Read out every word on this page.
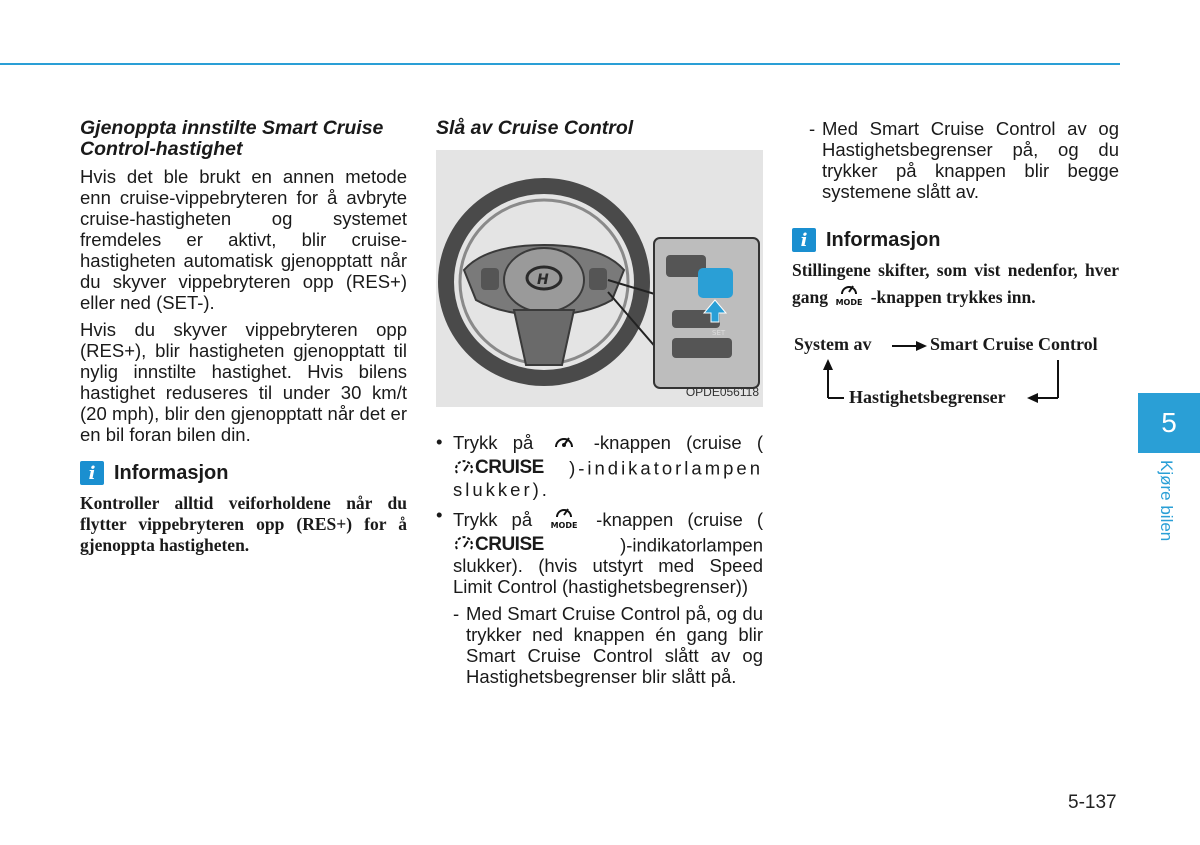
Gjenoppta innstilte Smart Cruise Control-hastighet

Hvis det ble brukt en annen metode enn cruise-vippebryteren for å avbryte cruise-hastigheten og systemet fremdeles er aktivt, blir cruise-hastigheten automatisk gjenopptatt når du skyver vippebryteren opp (RES+) eller ned (SET-).

Hvis du skyver vippebryteren opp (RES+), blir hastigheten gjenopptatt til nylig innstilte hastighet. Hvis bilens hastighet reduseres til under 30 km/t (20 mph), blir den gjenopptatt når det er en bil foran bilen din.

i Informasjon
Kontroller alltid veiforholdene når du flytter vippebryteren opp (RES+) for å gjenoppta hastigheten.
Slå av Cruise Control
H
SET
OPDE056118
• Trykk på	-knappen (cruise (
CRUISE )-indikatorlampen slukker).
• Trykk på MODE -knappen (cruise (
CRUISE	)-indikatorlampen slukker). (hvis utstyrt med Speed Limit Control (hastighetsbegrenser))
- Med Smart Cruise Control på, og du trykker ned knappen én gang blir Smart Cruise Control slått av og Hastighetsbegrenser blir slått på.
- Med Smart Cruise Control av og Hastighetsbegrenser på, og du trykker på knappen blir begge systemene slått av.
i Informasjon
Stillingene skifter, som vist nedenfor, hver gang MODE -knappen trykkes inn.
System av	Smart Cruise Control
Hastighetsbegrenser
5
Kjøre bilen
5-137
